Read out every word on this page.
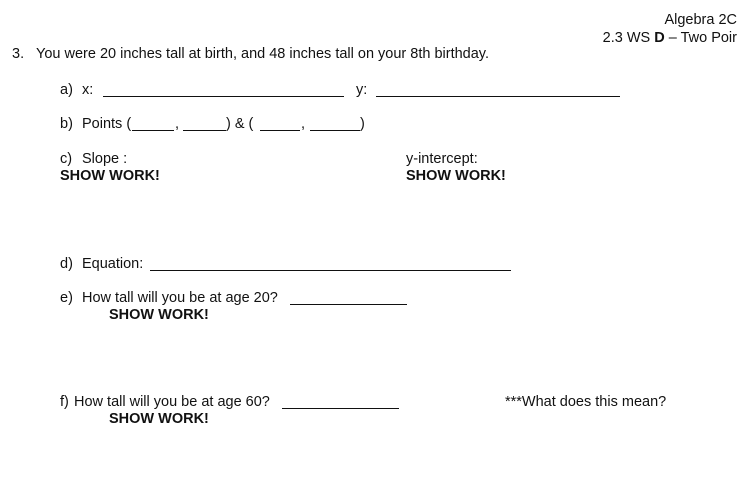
Algebra 2C
2.3 WS D – Two Poir
3. You were 20 inches tall at birth, and 48 inches tall on your 8th birthday.
a) x:	y:
b) Points (	,	) & (	,	)
c) Slope :
SHOW WORK!
y-intercept:
SHOW WORK!
d) Equation:
e) How tall will you be at age 20?
SHOW WORK!
f) How tall will you be at age 60?	***What does this mean?
SHOW WORK!
